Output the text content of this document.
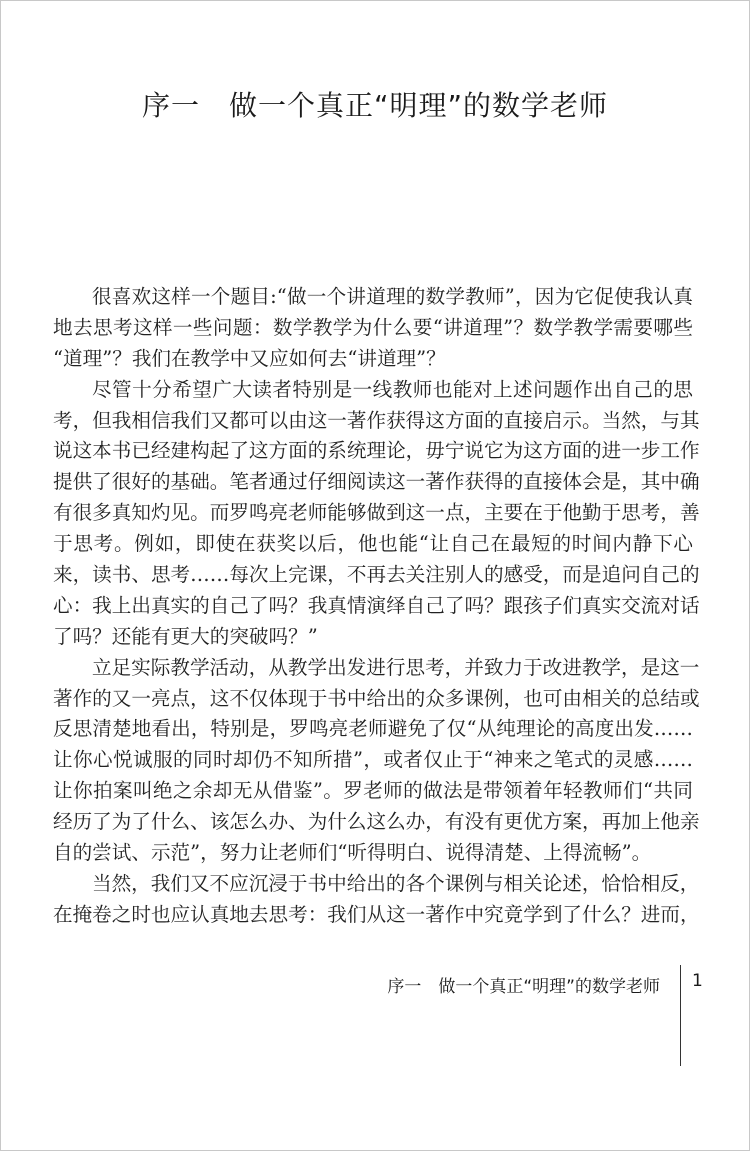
序一　做一个真正“明理”的数学老师
很喜欢这样一个题目:“做一个讲道理的数学教师”，因为它促使我认真
地去思考这样一些问题：数学教学为什么要“讲道理”？数学教学需要哪些
“道理”？我们在教学中又应如何去“讲道理”？
尽管十分希望广大读者特别是一线教师也能对上述问题作出自己的思
考，但我相信我们又都可以由这一著作获得这方面的直接启示。当然，与其
说这本书已经建构起了这方面的系统理论，毋宁说它为这方面的进一步工作
提供了很好的基础。笔者通过仔细阅读这一著作获得的直接体会是，其中确
有很多真知灼见。而罗鸣亮老师能够做到这一点，主要在于他勤于思考，善
于思考。例如，即使在获奖以后，他也能“让自己在最短的时间内静下心
来，读书、思考……每次上完课，不再去关注别人的感受，而是追问自己的
心：我上出真实的自己了吗？我真情演绎自己了吗？跟孩子们真实交流对话
了吗？还能有更大的突破吗？”
立足实际教学活动，从教学出发进行思考，并致力于改进教学，是这一
著作的又一亮点，这不仅体现于书中给出的众多课例，也可由相关的总结或
反思清楚地看出，特别是，罗鸣亮老师避免了仅“从纯理论的高度出发……
让你心悦诚服的同时却仍不知所措”，或者仅止于“神来之笔式的灵感……
让你拍案叫绝之余却无从借鉴”。罗老师的做法是带领着年轻教师们“共同
经历了为了什么、该怎么办、为什么这么办，有没有更优方案，再加上他亲
自的尝试、示范”，努力让老师们“听得明白、说得清楚、上得流畅”。
当然，我们又不应沉浸于书中给出的各个课例与相关论述，恰恰相反，
在掩卷之时也应认真地去思考：我们从这一著作中究竟学到了什么？进而，
序一　做一个真正“明理”的数学老师 1
